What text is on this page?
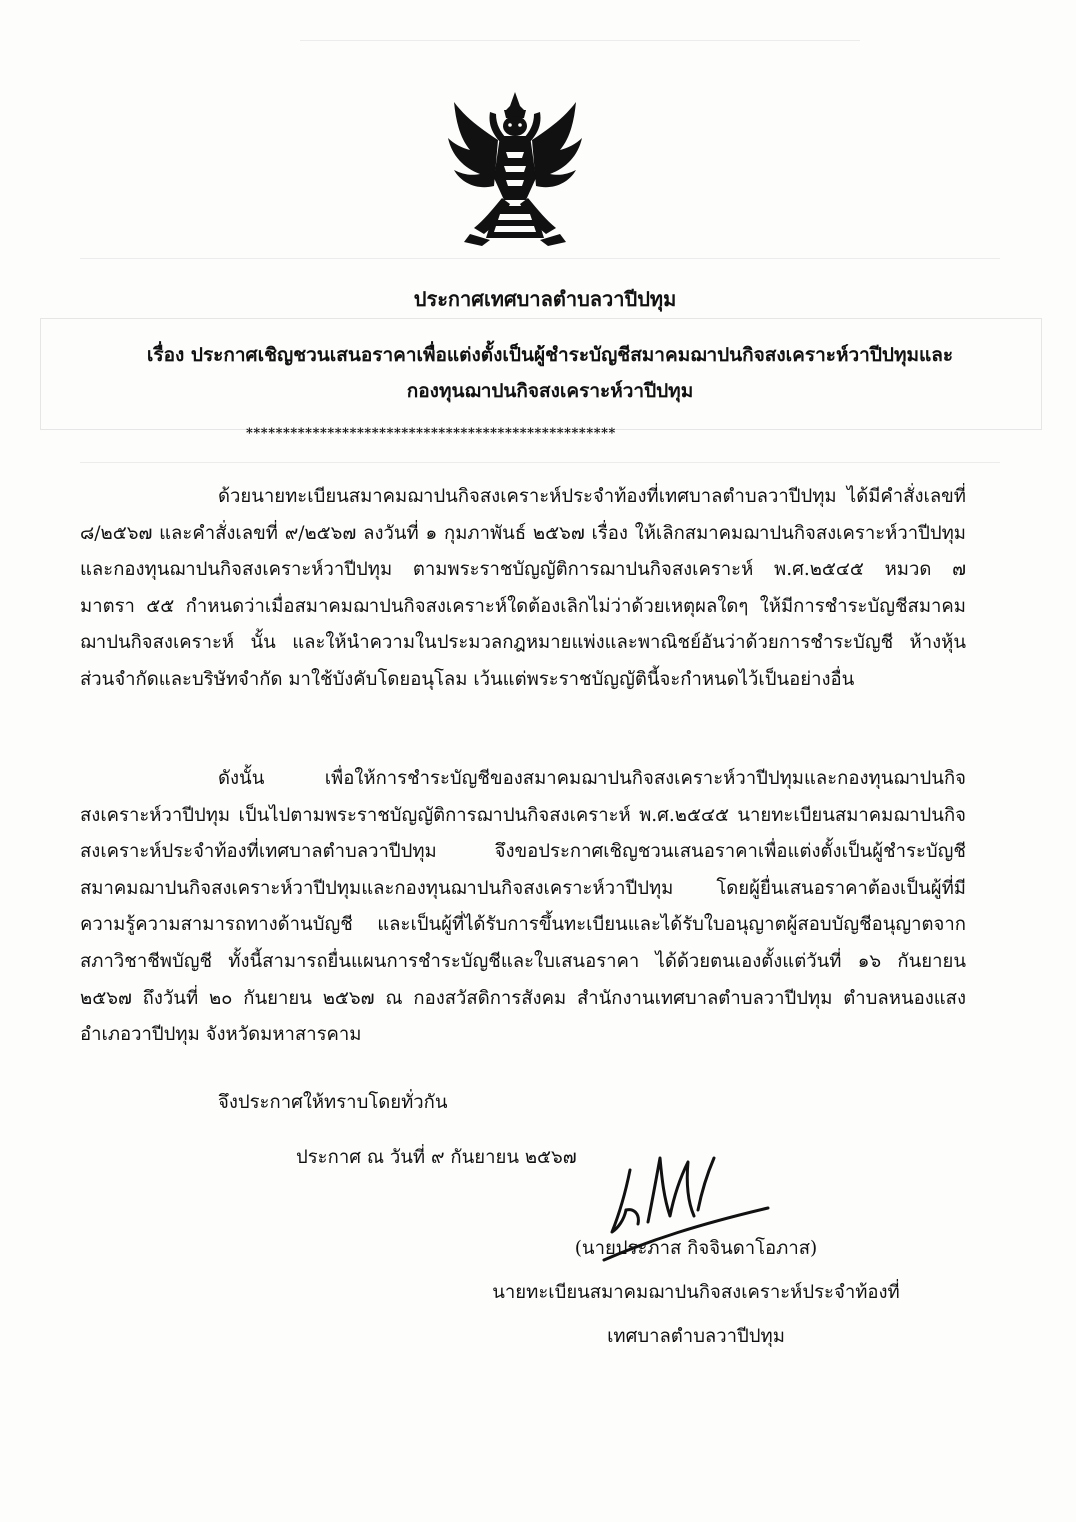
ประกาศเทศบาลตำบลวาปีปทุม
เรื่อง ประกาศเชิญชวนเสนอราคาเพื่อแต่งตั้งเป็นผู้ชำระบัญชีสมาคมฌาปนกิจสงเคราะห์วาปีปทุมและ
กองทุนฌาปนกิจสงเคราะห์วาปีปทุม
**************************************************

ด้วยนายทะเบียนสมาคมฌาปนกิจสงเคราะห์ประจำท้องที่เทศบาลตำบลวาปีปทุม ได้มีคำสั่งเลขที่ ๘/๒๕๖๗ และคำสั่งเลขที่ ๙/๒๕๖๗ ลงวันที่ ๑ กุมภาพันธ์ ๒๕๖๗ เรื่อง ให้เลิกสมาคมฌาปนกิจสงเคราะห์วาปีปทุมและกองทุนฌาปนกิจสงเคราะห์วาปีปทุม ตามพระราชบัญญัติการฌาปนกิจสงเคราะห์ พ.ศ.๒๕๔๕ หมวด ๗ มาตรา ๕๕ กำหนดว่าเมื่อสมาคมฌาปนกิจสงเคราะห์ใดต้องเลิกไม่ว่าด้วยเหตุผลใดๆ ให้มีการชำระบัญชีสมาคมฌาปนกิจสงเคราะห์ นั้น และให้นำความในประมวลกฎหมายแพ่งและพาณิชย์อันว่าด้วยการชำระบัญชี ห้างหุ้นส่วนจำกัดและบริษัทจำกัด มาใช้บังคับโดยอนุโลม เว้นแต่พระราชบัญญัตินี้จะกำหนดไว้เป็นอย่างอื่น

ดังนั้น เพื่อให้การชำระบัญชีของสมาคมฌาปนกิจสงเคราะห์วาปีปทุมและกองทุนฌาปนกิจสงเคราะห์วาปีปทุม เป็นไปตามพระราชบัญญัติการฌาปนกิจสงเคราะห์ พ.ศ.๒๕๔๕ นายทะเบียนสมาคมฌาปนกิจสงเคราะห์ประจำท้องที่เทศบาลตำบลวาปีปทุม จึงขอประกาศเชิญชวนเสนอราคาเพื่อแต่งตั้งเป็นผู้ชำระบัญชีสมาคมฌาปนกิจสงเคราะห์วาปีปทุมและกองทุนฌาปนกิจสงเคราะห์วาปีปทุม โดยผู้ยื่นเสนอราคาต้องเป็นผู้ที่มีความรู้ความสามารถทางด้านบัญชี และเป็นผู้ที่ได้รับการขึ้นทะเบียนและได้รับใบอนุญาตผู้สอบบัญชีอนุญาตจากสภาวิชาชีพบัญชี ทั้งนี้สามารถยื่นแผนการชำระบัญชีและใบเสนอราคา ได้ด้วยตนเองตั้งแต่วันที่ ๑๖ กันยายน ๒๕๖๗ ถึงวันที่ ๒๐ กันยายน ๒๕๖๗ ณ กองสวัสดิการสังคม สำนักงานเทศบาลตำบลวาปีปทุม ตำบลหนองแสง อำเภอวาปีปทุม จังหวัดมหาสารคาม

จึงประกาศให้ทราบโดยทั่วกัน
ประกาศ ณ วันที่ ๙ กันยายน ๒๕๖๗
(นายประภาส กิจจินดาโอภาส)
นายทะเบียนสมาคมฌาปนกิจสงเคราะห์ประจำท้องที่
เทศบาลตำบลวาปีปทุม
